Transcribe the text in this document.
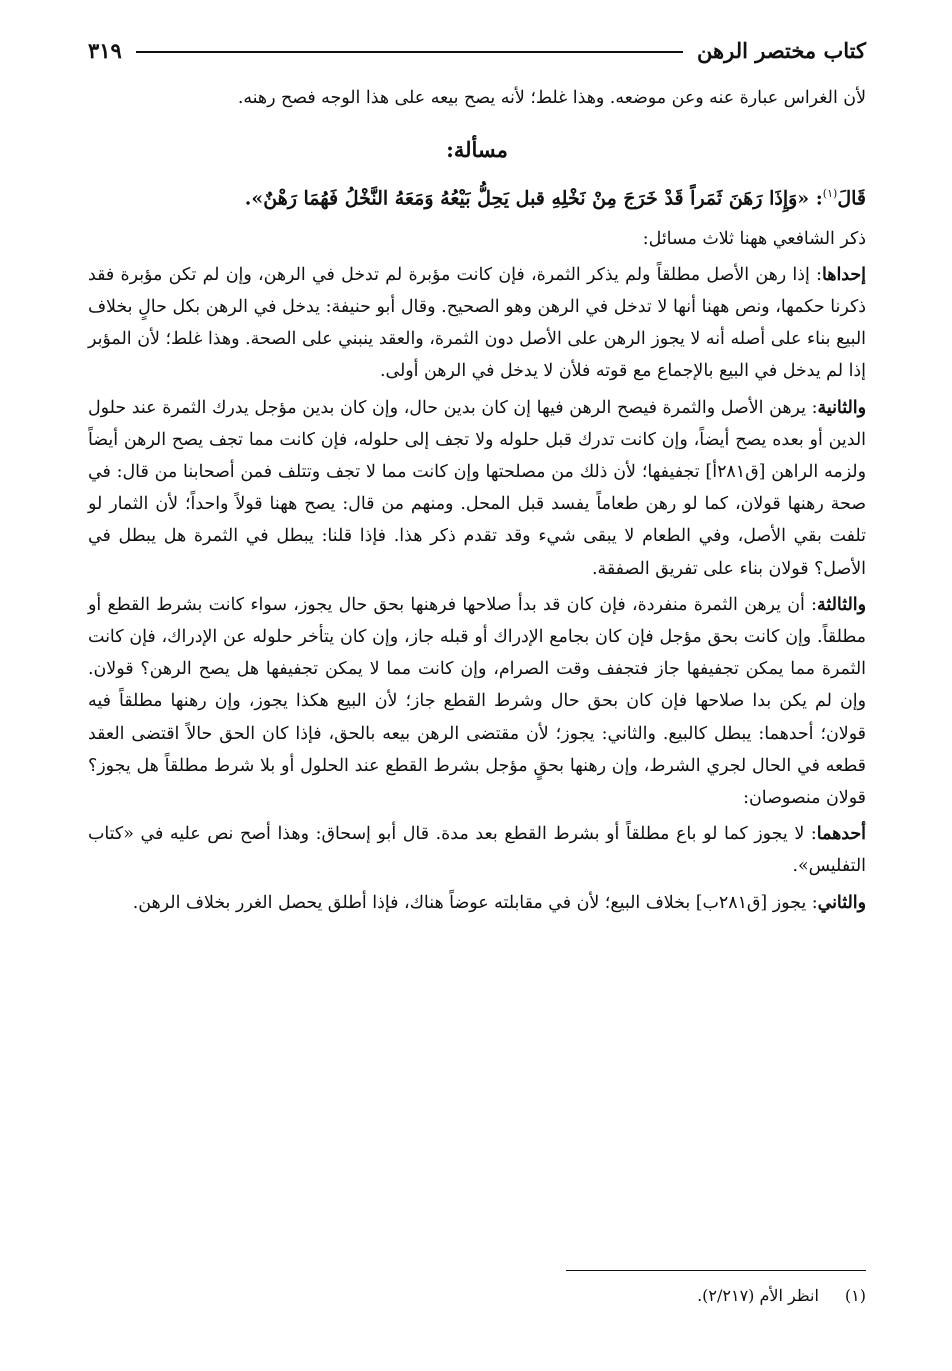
كتاب مختصر الرهن
٣١٩

لأن الغراس عبارة عنه وعن موضعه. وهذا غلط؛ لأنه يصح بيعه على هذا الوجه فصح رهنه.

مسألة:

قَالَ$^{(١)}$: «وَإِذَا رَهَنَ ثَمَراً قَدْ خَرَجَ مِنْ نَخْلِهِ قبل يَحِلُّ بَيْعُهُ وَمَعَهُ النَّخْلُ فَهُمَا رَهْنٌ».

ذكر الشافعي ههنا ثلاث مسائل:

إحداها: إذا رهن الأصل مطلقاً ولم يذكر الثمرة، فإن كانت مؤبرة لم تدخل في الرهن، وإن لم تكن مؤبرة فقد ذكرنا حكمها، ونص ههنا أنها لا تدخل في الرهن وهو الصحيح. وقال أبو حنيفة: يدخل في الرهن بكل حالٍ بخلاف البيع بناء على أصله أنه لا يجوز الرهن على الأصل دون الثمرة، والعقد ينبني على الصحة. وهذا غلط؛ لأن المؤبر إذا لم يدخل في البيع بالإجماع مع قوته فلأن لا يدخل في الرهن أولى.

والثانية: يرهن الأصل والثمرة فيصح الرهن فيها إن كان بدين حال، وإن كان بدين مؤجل يدرك الثمرة عند حلول الدين أو بعده يصح أيضاً، وإن كانت تدرك قبل حلوله ولا تجف إلى حلوله، فإن كانت مما تجف يصح الرهن أيضاً ولزمه الراهن [ق٢٨١أ] تجفيفها؛ لأن ذلك من مصلحتها وإن كانت مما لا تجف وتتلف فمن أصحابنا من قال: في صحة رهنها قولان، كما لو رهن طعاماً يفسد قبل المحل. ومنهم من قال: يصح ههنا قولاً واحداً؛ لأن الثمار لو تلفت بقي الأصل، وفي الطعام لا يبقى شيء وقد تقدم ذكر هذا. فإذا قلنا: يبطل في الثمرة هل يبطل في الأصل؟ قولان بناء على تفريق الصفقة.

والثالثة: أن يرهن الثمرة منفردة، فإن كان قد بدأ صلاحها فرهنها بحق حال يجوز، سواء كانت بشرط القطع أو مطلقاً. وإن كانت بحق مؤجل فإن كان بجامع الإدراك أو قبله جاز، وإن كان يتأخر حلوله عن الإدراك، فإن كانت الثمرة مما يمكن تجفيفها جاز فتجفف وقت الصرام، وإن كانت مما لا يمكن تجفيفها هل يصح الرهن؟ قولان. وإن لم يكن بدا صلاحها فإن كان بحق حال وشرط القطع جاز؛ لأن البيع هكذا يجوز، وإن رهنها مطلقاً فيه قولان؛ أحدهما: يبطل كالبيع. والثاني: يجوز؛ لأن مقتضى الرهن بيعه بالحق، فإذا كان الحق حالاً اقتضى العقد قطعه في الحال لجري الشرط، وإن رهنها بحقٍ مؤجل بشرط القطع عند الحلول أو بلا شرط مطلقاً هل يجوز؟ قولان منصوصان:

أحدهما: لا يجوز كما لو باع مطلقاً أو بشرط القطع بعد مدة. قال أبو إسحاق: وهذا أصح نص عليه في «كتاب التفليس».

والثاني: يجوز [ق٢٨١ب] بخلاف البيع؛ لأن في مقابلته عوضاً هناك، فإذا أطلق يحصل الغرر بخلاف الرهن.

(١)
انظر الأم (٢/٢١٧).
